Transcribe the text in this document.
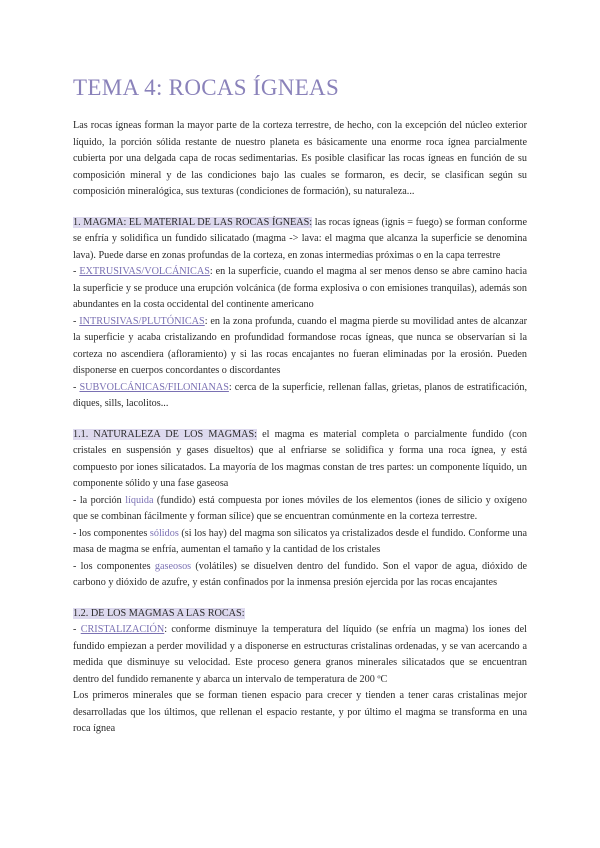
TEMA 4: ROCAS ÍGNEAS

Las rocas ígneas forman la mayor parte de la corteza terrestre, de hecho, con la excepción del núcleo exterior líquido, la porción sólida restante de nuestro planeta es básicamente una enorme roca ígnea parcialmente cubierta por una delgada capa de rocas sedimentarias. Es posible clasificar las rocas ígneas en función de su composición mineral y de las condiciones bajo las cuales se formaron, es decir, se clasifican según su composición mineralógica, sus texturas (condiciones de formación), su naturaleza...

1. MAGMA: EL MATERIAL DE LAS ROCAS ÍGNEAS: las rocas ígneas (ignis = fuego) se forman conforme se enfría y solidifica un fundido silicatado (magma -> lava: el magma que alcanza la superficie se denomina lava). Puede darse en zonas profundas de la corteza, en zonas intermedias próximas o en la capa terrestre

- EXTRUSIVAS/VOLCÁNICAS: en la superficie, cuando el magma al ser menos denso se abre camino hacia la superficie y se produce una erupción volcánica (de forma explosiva o con emisiones tranquilas), además son abundantes en la costa occidental del continente americano

- INTRUSIVAS/PLUTÓNICAS: en la zona profunda, cuando el magma pierde su movilidad antes de alcanzar la superficie y acaba cristalizando en profundidad formandose rocas ígneas, que nunca se observarían si la corteza no ascendiera (afloramiento) y si las rocas encajantes no fueran eliminadas por la erosión. Pueden disponerse en cuerpos concordantes o discordantes

- SUBVOLCÁNICAS/FILONIANAS: cerca de la superficie, rellenan fallas, grietas, planos de estratificación, diques, sills, lacolitos...

1.1. NATURALEZA DE LOS MAGMAS: el magma es material completa o parcialmente fundido (con cristales en suspensión y gases disueltos) que al enfriarse se solidifica y forma una roca ígnea, y está compuesto por iones silicatados. La mayoría de los magmas constan de tres partes: un componente líquido, un componente sólido y una fase gaseosa

- la porción líquida (fundido) está compuesta por iones móviles de los elementos (iones de silicio y oxígeno que se combinan fácilmente y forman sílice) que se encuentran comúnmente en la corteza terrestre.

- los componentes sólidos (si los hay) del magma son silicatos ya cristalizados desde el fundido. Conforme una masa de magma se enfría, aumentan el tamaño y la cantidad de los cristales

- los componentes gaseosos (volátiles) se disuelven dentro del fundido. Son el vapor de agua, dióxido de carbono y dióxido de azufre, y están confinados por la inmensa presión ejercida por las rocas encajantes

1.2. DE LOS MAGMAS A LAS ROCAS:

- CRISTALIZACIÓN: conforme disminuye la temperatura del líquido (se enfría un magma) los iones del fundido empiezan a perder movilidad y a disponerse en estructuras cristalinas ordenadas, y se van acercando a medida que disminuye su velocidad. Este proceso genera granos minerales silicatados que se encuentran dentro del fundido remanente y abarca un intervalo de temperatura de 200 ºC

Los primeros minerales que se forman tienen espacio para crecer y tienden a tener caras cristalinas mejor desarrolladas que los últimos, que rellenan el espacio restante, y por último el magma se transforma en una roca ígnea
